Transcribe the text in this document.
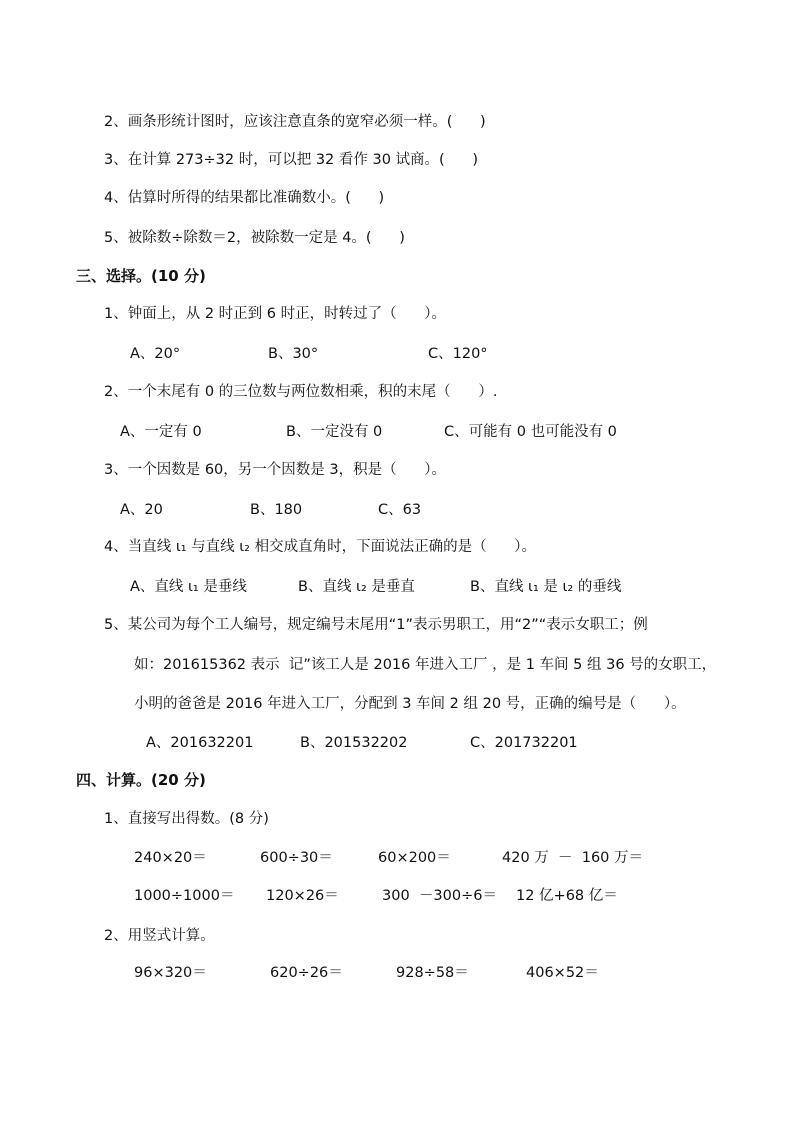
2、画条形统计图时，应该注意直条的宽窄必须一样。(      )
3、在计算 273÷32 时，可以把 32 看作 30 试商。(      )
4、估算时所得的结果都比准确数小。(      )
5、被除数÷除数＝2，被除数一定是 4。(      )
三、选择。(10 分)
1、钟面上，从 2 时正到 6 时正，时转过了（      ）。
A、20°	B、30°	C、120°
2、一个末尾有 0 的三位数与两位数相乘，积的末尾（      ）.
A、一定有 0	B、一定没有 0	C、可能有 0 也可能没有 0
3、一个因数是 60，另一个因数是 3，积是（      ）。
A、20	B、180	C、63
4、当直线 ι₁ 与直线 ι₂ 相交成直角时，下面说法正确的是（      ）。
A、直线 ι₁ 是垂线	B、直线 ι₂ 是垂直	B、直线 ι₁ 是 ι₂ 的垂线
5、某公司为每个工人编号，规定编号末尾用“1”表示男职工，用“2”“表示女职工；例
如：201615362 表示  记”该工人是 2016 年进入工厂 ，是 1 车间 5 组 36 号的女职工，
小明的爸爸是 2016 年进入工厂，分配到 3 车间 2 组 20 号，正确的编号是（      ）。
A、201632201	B、201532202	C、201732201
四、计算。(20 分)
1、直接写出得数。(8 分)
240×20＝	600÷30＝	60×200＝	420 万  －  160 万＝
1000÷1000＝ 120×26＝	300  －300÷6＝ 12 亿+68 亿＝
2、用竖式计算。
96×320＝	620÷26＝	928÷58＝	406×52＝
